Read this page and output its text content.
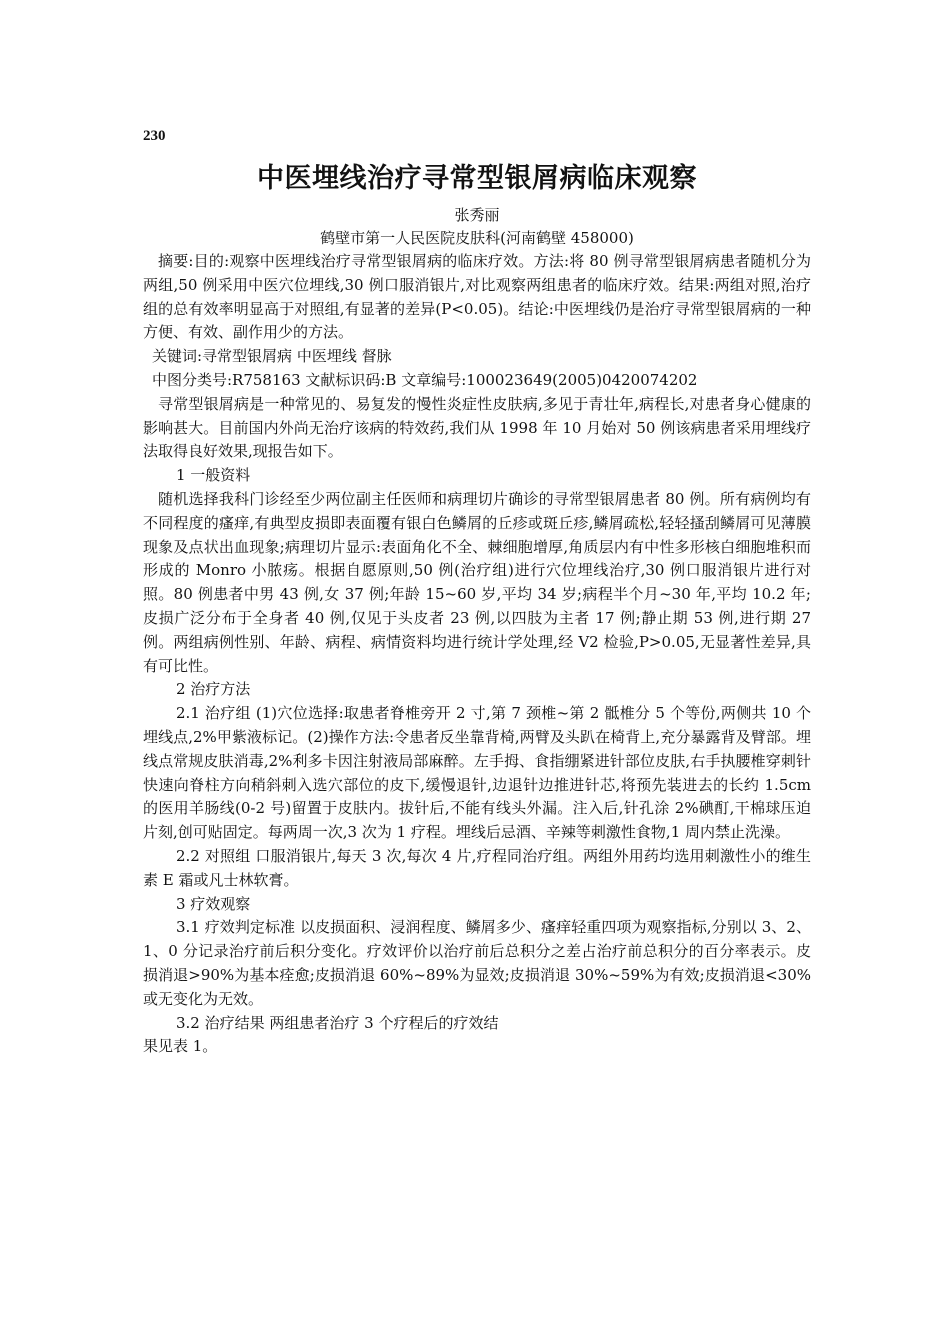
230
中医埋线治疗寻常型银屑病临床观察
张秀丽
鹤壁市第一人民医院皮肤科(河南鹤壁 458000)

摘要:目的:观察中医埋线治疗寻常型银屑病的临床疗效。方法:将 80 例寻常型银屑病患者随机分为两组,50 例采用中医穴位埋线,30 例口服消银片,对比观察两组患者的临床疗效。结果:两组对照,治疗组的总有效率明显高于对照组,有显著的差异(P<0.05)。结论:中医埋线仍是治疗寻常型银屑病的一种方便、有效、副作用少的方法。

关键词:寻常型银屑病 中医埋线 督脉

中图分类号:R758163 文献标识码:B 文章编号:100023649(2005)0420074202

寻常型银屑病是一种常见的、易复发的慢性炎症性皮肤病,多见于青壮年,病程长,对患者身心健康的影响甚大。目前国内外尚无治疗该病的特效药,我们从 1998 年 10 月始对 50 例该病患者采用埋线疗法取得良好效果,现报告如下。

1 一般资料

随机选择我科门诊经至少两位副主任医师和病理切片确诊的寻常型银屑患者 80 例。所有病例均有不同程度的瘙痒,有典型皮损即表面覆有银白色鳞屑的丘疹或斑丘疹,鳞屑疏松,轻轻搔刮鳞屑可见薄膜现象及点状出血现象;病理切片显示:表面角化不全、棘细胞增厚,角质层内有中性多形核白细胞堆积而形成的 Monro 小脓疡。根据自愿原则,50 例(治疗组)进行穴位埋线治疗,30 例口服消银片进行对照。80 例患者中男 43 例,女 37 例;年龄 15~60 岁,平均 34 岁;病程半个月~30 年,平均 10.2 年;皮损广泛分布于全身者 40 例,仅见于头皮者 23 例,以四肢为主者 17 例;静止期 53 例,进行期 27 例。两组病例性别、年龄、病程、病情资料均进行统计学处理,经 V2 检验,P>0.05,无显著性差异,具有可比性。

2 治疗方法

2.1 治疗组 (1)穴位选择:取患者脊椎旁开 2 寸,第 7 颈椎~第 2 骶椎分 5 个等份,两侧共 10 个埋线点,2%甲紫液标记。(2)操作方法:令患者反坐靠背椅,两臂及头趴在椅背上,充分暴露背及臂部。埋线点常规皮肤消毒,2%利多卡因注射液局部麻醉。左手拇、食指绷紧进针部位皮肤,右手执腰椎穿刺针快速向脊柱方向稍斜刺入选穴部位的皮下,缓慢退针,边退针边推进针芯,将预先装进去的长约 1.5cm 的医用羊肠线(0-2 号)留置于皮肤内。拔针后,不能有线头外漏。注入后,针孔涂 2%碘酊,干棉球压迫片刻,创可贴固定。每两周一次,3 次为 1 疗程。埋线后忌酒、辛辣等刺激性食物,1 周内禁止洗澡。

2.2 对照组 口服消银片,每天 3 次,每次 4 片,疗程同治疗组。两组外用药均选用刺激性小的维生素 E 霜或凡士林软膏。

3 疗效观察

3.1 疗效判定标准 以皮损面积、浸润程度、鳞屑多少、瘙痒轻重四项为观察指标,分别以 3、2、1、0 分记录治疗前后积分变化。疗效评价以治疗前后总积分之差占治疗前总积分的百分率表示。皮损消退>90%为基本痊愈;皮损消退 60%~89%为显效;皮损消退 30%~59%为有效;皮损消退<30%或无变化为无效。

3.2 治疗结果 两组患者治疗 3 个疗程后的疗效结

果见表 1。
